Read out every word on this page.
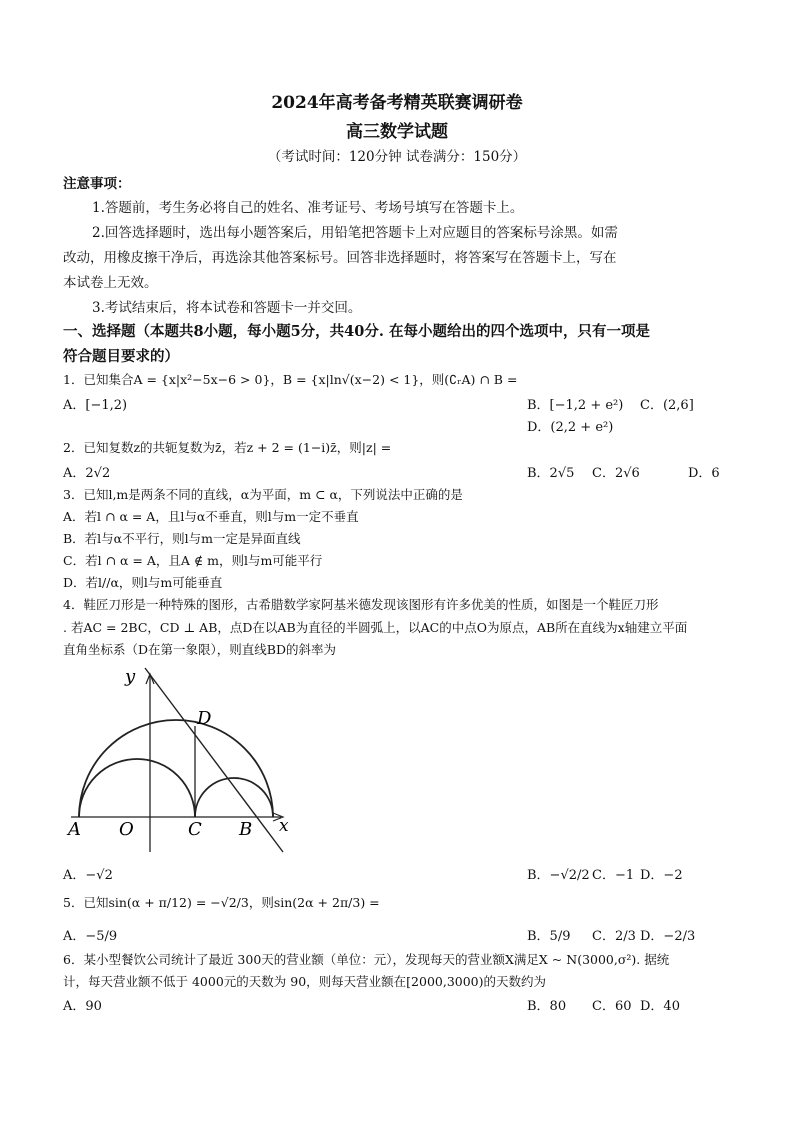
2024年高考备考精英联赛调研卷
高三数学试题
（考试时间：120分钟 试卷满分：150分）
注意事项：
1.答题前，考生务必将自己的姓名、准考证号、考场号填写在答题卡上。
2.回答选择题时，选出每小题答案后，用铅笔把答题卡上对应题目的答案标号涂黑。如需
改动，用橡皮擦干净后，再选涂其他答案标号。回答非选择题时，将答案写在答题卡上，写在
本试卷上无效。
3.考试结束后，将本试卷和答题卡一并交回。
一、选择题（本题共8小题，每小题5分，共40分. 在每小题给出的四个选项中，只有一项是
符合题目要求的）
1．已知集合A = {x|x²−5x−6 > 0}，B = {x|ln√(x−2) < 1}，则(∁ᵣA) ∩ B =
A．[−1,2)	B．[−1,2 + e²) C．(2,6]
D．(2,2 + e²)
2．已知复数z的共轭复数为z̄，若z + 2 = (1−i)z̄，则|z| =
A．2√2	B．2√5 C．2√6	D．6
3．已知l,m是两条不同的直线，α为平面，m ⊂ α，下列说法中正确的是
A．若l ∩ α = A，且l与α不垂直，则l与m一定不垂直
B．若l与α不平行，则l与m一定是异面直线
C．若l ∩ α = A，且A ∉ m，则l与m可能平行
D．若l//α，则l与m可能垂直
4．鞋匠刀形是一种特殊的图形，古希腊数学家阿基米德发现该图形有许多优美的性质，如图是一个鞋匠刀形
. 若AC = 2BC，CD ⊥ AB，点D在以AB为直径的半圆弧上，以AC的中点O为原点，AB所在直线为x轴建立平面
直角坐标系（D在第一象限），则直线BD的斜率为
y
D
A O	C B x
A．−√2	B．−√2/2 C．−1 D．−2
5．已知sin(α + π/12) = −√2/3，则sin(2α + 2π/3) =
A．−5/9	B．5/9 C．2/3 D．−2/3
6．某小型餐饮公司统计了最近 300天的营业额（单位：元），发现每天的营业额X满足X ~ N(3000,σ²). 据统
计，每天营业额不低于 4000元的天数为 90，则每天营业额在[2000,3000)的天数约为
A．90	B．80 C．60 D．40
